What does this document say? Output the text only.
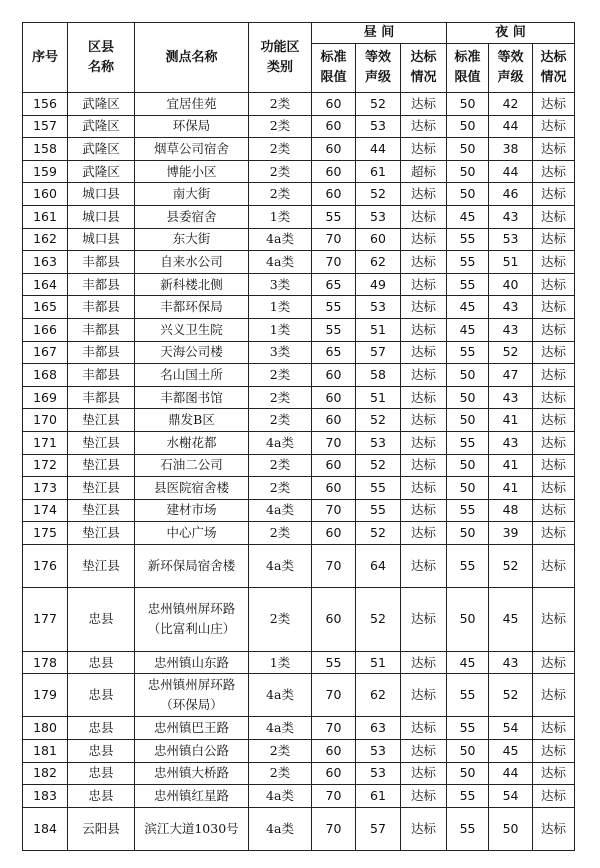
序号	区县名称	测点名称	功能区类别	昼 间			夜 间		
				标准限值	等效声级	达标情况	标准限值	等效声级	达标情况
156	武隆区	宜居佳苑	2类	60	52	达标	50	42	达标
157	武隆区	环保局	2类	60	53	达标	50	44	达标
158	武隆区	烟草公司宿舍	2类	60	44	达标	50	38	达标
159	武隆区	博能小区	2类	60	61	超标	50	44	达标
160	城口县	南大街	2类	60	52	达标	50	46	达标
161	城口县	县委宿舍	1类	55	53	达标	45	43	达标
162	城口县	东大街	4a类	70	60	达标	55	53	达标
163	丰都县	自来水公司	4a类	70	62	达标	55	51	达标
164	丰都县	新科楼北侧	3类	65	49	达标	55	40	达标
165	丰都县	丰都环保局	1类	55	53	达标	45	43	达标
166	丰都县	兴义卫生院	1类	55	51	达标	45	43	达标
167	丰都县	天海公司楼	3类	65	57	达标	55	52	达标
168	丰都县	名山国土所	2类	60	58	达标	50	47	达标
169	丰都县	丰都图书馆	2类	60	51	达标	50	43	达标
170	垫江县	鼎发B区	2类	60	52	达标	50	41	达标
171	垫江县	水榭花都	4a类	70	53	达标	55	43	达标
172	垫江县	石油二公司	2类	60	52	达标	50	41	达标
173	垫江县	县医院宿舍楼	2类	60	55	达标	50	41	达标
174	垫江县	建材市场	4a类	70	55	达标	55	48	达标
175	垫江县	中心广场	2类	60	52	达标	50	39	达标
176	垫江县	新环保局宿舍楼	4a类	70	64	达标	55	52	达标
177	忠县	忠州镇州屏环路（比富利山庄）	2类	60	52	达标	50	45	达标
178	忠县	忠州镇山东路	1类	55	51	达标	45	43	达标
179	忠县	忠州镇州屏环路（环保局）	4a类	70	62	达标	55	52	达标
180	忠县	忠州镇巴王路	4a类	70	63	达标	55	54	达标
181	忠县	忠州镇白公路	2类	60	53	达标	50	45	达标
182	忠县	忠州镇大桥路	2类	60	53	达标	50	44	达标
183	忠县	忠州镇红星路	4a类	70	61	达标	55	54	达标
184	云阳县	滨江大道1030号	4a类	70	57	达标	55	50	达标
